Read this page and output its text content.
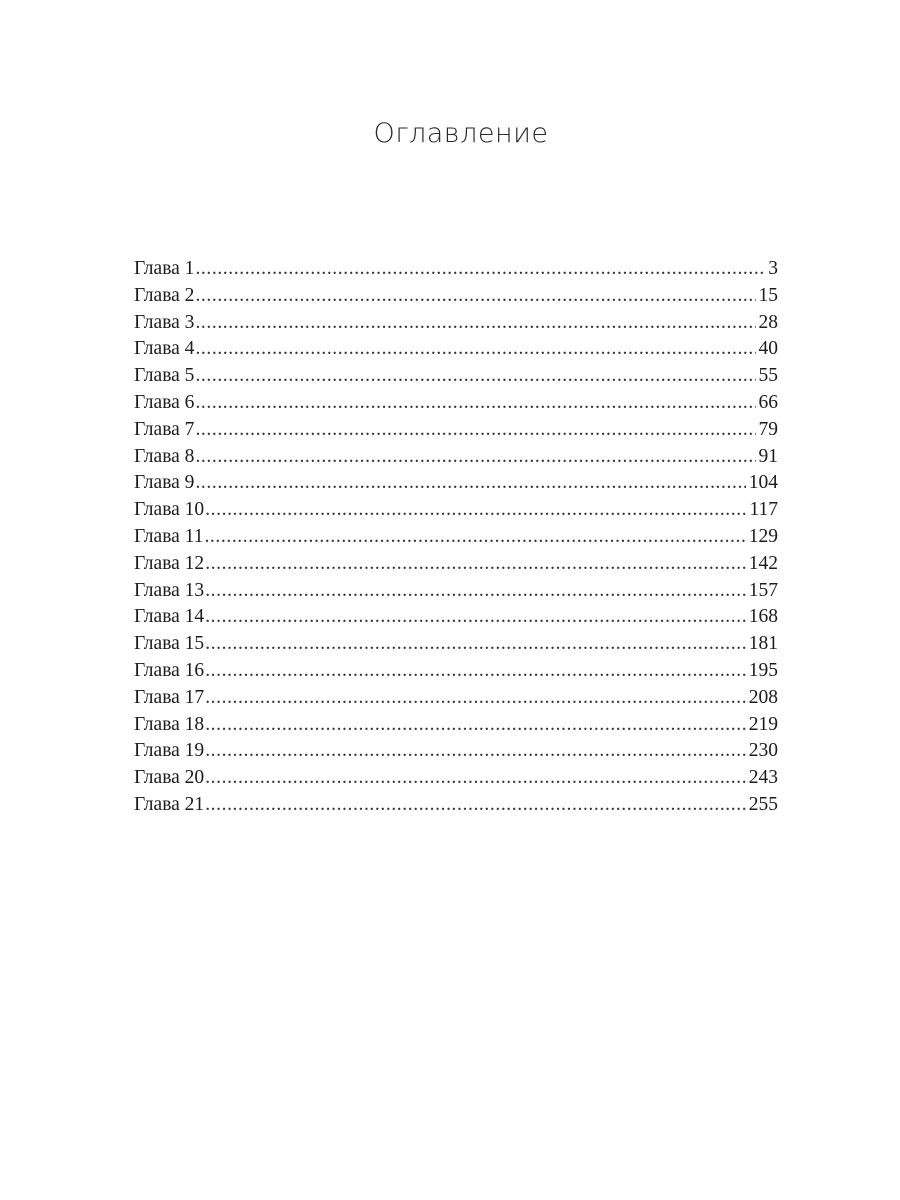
Оглавление
Глава 1 .....	3
Глава 2 .....	15
Глава 3 .....	28
Глава 4 .....	40
Глава 5 .....	55
Глава 6 .....	66
Глава 7 .....	79
Глава 8 .....	91
Глава 9 .....	104
Глава 10 .....	117
Глава 11 .....	129
Глава 12 .....	142
Глава 13 .....	157
Глава 14 .....	168
Глава 15 .....	181
Глава 16 .....	195
Глава 17 .....	208
Глава 18 .....	219
Глава 19 .....	230
Глава 20 .....	243
Глава 21 .....	255
